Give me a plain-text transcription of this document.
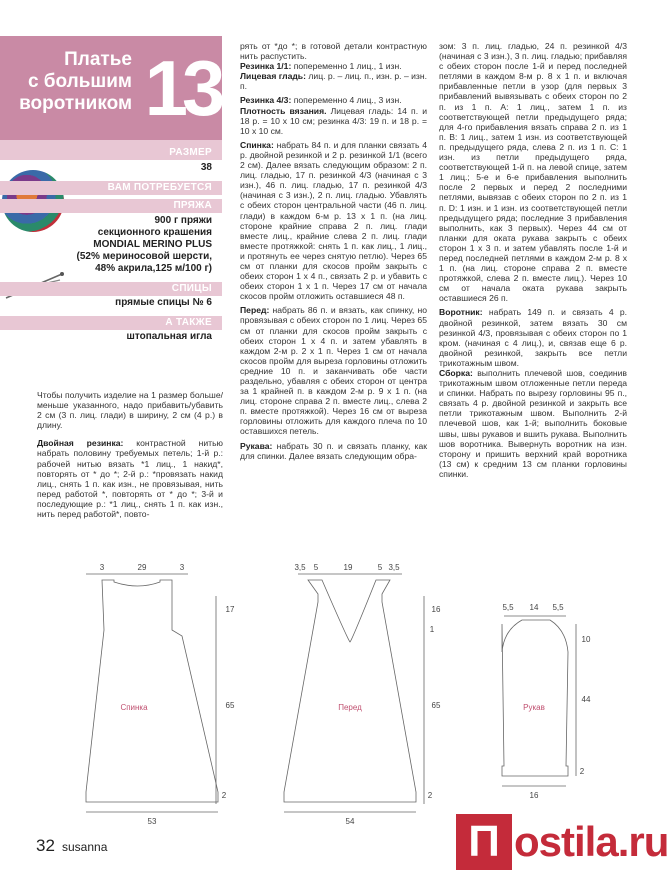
Платье
с большим
воротником 13
РАЗМЕР
38
ВАМ ПОТРЕБУЕТСЯ
ПРЯЖА
900 г пряжи
секционного крашения
MONDIAL MERINO PLUS
(52% мериносовой шерсти,
48% акрила,125 м/100 г)
СПИЦЫ
прямые спицы № 6
А ТАКЖЕ
штопальная игла

Чтобы получить изделие на 1 размер больше/меньше указанного, надо прибавить/убавить 2 см (3 п. лиц. глади) в ширину, 2 см (4 р.) в длину.

Двойная резинка: контрастной нитью набрать половину требуемых петель; 1-й р.: рабочей нитью вязать *1 лиц., 1 накид*, повторять от * до *; 2-й р.: *провязать накид лиц., снять 1 п. как изн., не провязывая, нить перед работой *, повторять от * до *; 3-й и последующие р.: *1 лиц., снять 1 п. как изн., нить перед работой*, повто-

рять от *до *; в готовой детали контрастную нить распустить.

Резинка 1/1: попеременно 1 лиц., 1 изн.

Лицевая гладь: лиц. р. – лиц. п., изн. р. – изн. п.

Резинка 4/3: попеременно 4 лиц., 3 изн.

Плотность вязания. Лицевая гладь: 14 п. и 18 р. = 10 х 10 см; резинка 4/3: 19 п. и 18 р. = 10 х 10 см.

Спинка: набрать 84 п. и для планки связать 4 р. двойной резинкой и 2 р. резинкой 1/1 (всего 2 см). Далее вязать следующим образом: 2 п. лиц. гладью, 17 п. резинкой 4/3 (начиная с 3 изн.), 46 п. лиц. гладью, 17 п. резинкой 4/3 (начиная с 3 изн.), 2 п. лиц. гладью. Убавлять с обеих сторон центральной части (46 п. лиц. глади) в каждом 6-м р. 13 х 1 п. (на лиц. стороне крайние справа 2 п. лиц. глади вместе лиц., крайние слева 2 п. лиц. глади вместе протяжкой: снять 1 п. как лиц., 1 лиц., и протянуть ее через снятую петлю). Через 65 см от планки для скосов пройм закрыть с обеих сторон 1 х 4 п., связать 2 р. и убавить с обеих сторон 1 х 1 п. Через 17 см от начала скосов пройм отложить оставшиеся 48 п.

Перед: набрать 86 п. и вязать, как спинку, но провязывая с обеих сторон по 1 лиц. Через 65 см от планки для скосов пройм закрыть с обеих сторон 1 х 4 п. и затем убавлять в каждом 2-м р. 2 х 1 п. Через 1 см от начала скосов пройм для выреза горловины отложить средние 10 п. и заканчивать обе части раздельно, убавляя с обеих сторон от центра за 1 крайней п. в каждом 2-м р. 9 х 1 п. (на лиц. стороне справа 2 п. вместе лиц., слева 2 п. вместе протяжкой). Через 16 см от выреза горловины отложить для каждого плеча по 10 оставшихся петель.

Рукава: набрать 30 п. и связать планку, как для спинки. Далее вязать следующим обра-

зом: 3 п. лиц. гладью, 24 п. резинкой 4/3 (начиная с 3 изн.), 3 п. лиц. гладью; прибавляя с обеих сторон после 1-й и перед последней петлями в каждом 8-м р. 8 х 1 п. и включая прибавленные петли в узор (для первых 3 прибавлений вывязывать с обеих сторон по 2 п. из 1 п. А: 1 лиц., затем 1 п. из соответствующей петли предыдущего ряда; для 4-го прибавления вязать справа 2 п. из 1 п. В: 1 лиц., затем 1 изн. из соответствующей п. предыдущего ряда, слева 2 п. из 1 п. С: 1 изн. из петли предыдущего ряда, соответствующей 1-й п. на левой спице, затем 1 лиц.; 5-е и 6-е прибавления выполнить после 2 первых и перед 2 последними петлями, вывязав с обеих сторон по 2 п. из 1 п. D: 1 изн. и 1 изн. из соответствующей петли предыдущего ряда; последние 3 прибавления выполнить, как 3 первых). Через 44 см от планки для оката рукава закрыть с обеих сторон 1 х 3 п. и затем убавлять после 1-й и перед последней петлями в каждом 2-м р. 8 х 1 п. (на лиц. стороне справа 2 п. вместе протяжкой, слева 2 п. вместе лиц.). Через 10 см от начала оката рукава закрыть оставшиеся 26 п.

Воротник: набрать 149 п. и связать 4 р. двойной резинкой, затем вязать 30 см резинкой 4/3, провязывая с обеих сторон по 1 кром. (начиная с 4 лиц.), и, связав еще 6 р. двойной резинкой, закрыть все петли трикотажным швом.

Сборка: выполнить плечевой шов, соединив трикотажным швом отложенные петли переда и спинки. Набрать по вырезу горловины 95 п., связать 4 р. двойной резинкой и закрыть все петли трикотажным швом. Выполнить 2-й плечевой шов, как 1-й; выполнить боковые швы, швы рукавов и вшить рукава. Выполнить шов воротника. Вывернуть воротник на изн. сторону и пришить верхний край воротника (13 см) к средним 13 см планки горловины спинки.

Спинка	Перед	Рукав
3	29	3
17
65
2
53
3,5 5	19	5 3,5
16
1
65
2
54
5,5 14 5,5
10
44
2
16
32 susanna	П ostila.ru
